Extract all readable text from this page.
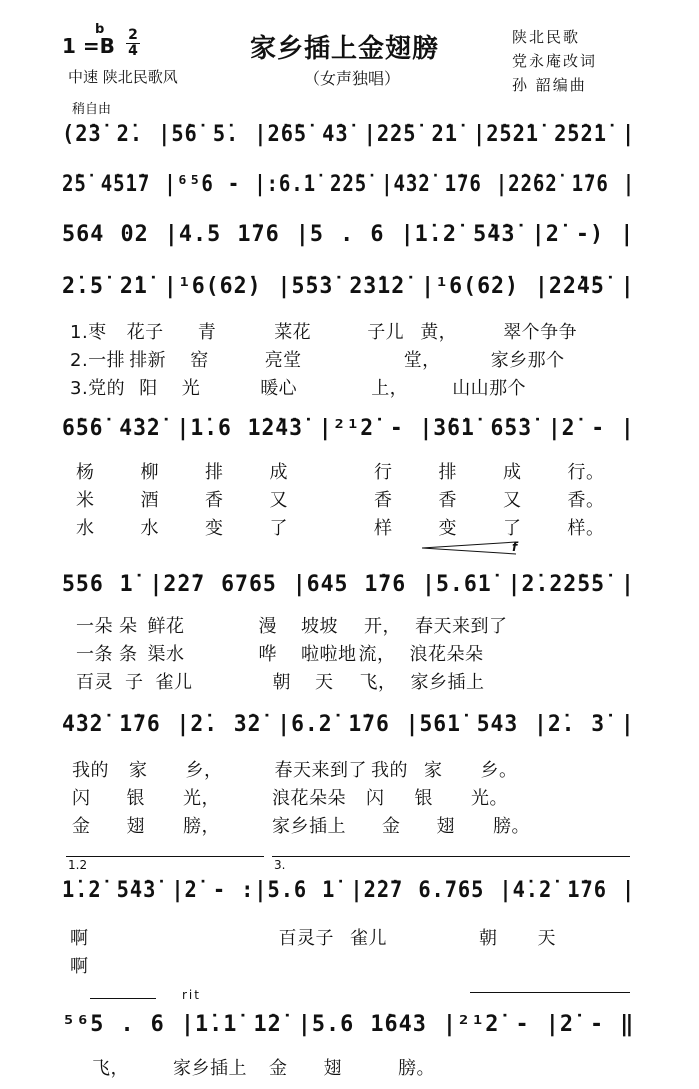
1 =B
b 2
4	家乡插上金翅膀
（女声独唱）
中速 陕北民歌风
陕北民歌
党永庵改词
孙 韶编曲
稍自由
(2̇3̇ 2̇. |5̇6̇ 5̇. |2̇6̇5̇ 4̇3̇ |2̇2̇5̇ 2̇1̇ |2̇5̇2̇1̇ 2̇5̇2̇1̇ |
2̇5̇ 4̇5̇1̇7 |⁶⁵6 - |:6.1̇ 2̇2̇5̇ |4̇3̇2̇ 1̇76 |2̇2̇6̇2̇ 1̇76 |
564 02 |4.5 1̇76 |5 . 6 |1̇.2̇ 5̇4̇3̇ |2̇ -) |
2̇.5̇ 2̇1̇ |¹6(6̇2̇) |5̇5̇3̇ 2̇3̇1̇2̇ |¹6(6̇2̇) |2̇2̇4̇5̇ |
1.枣 花子 青	菜花	子儿 黄，	翠个争争
2.一排 排新 窑	亮堂	堂，	家乡那个
3.党的 阳 光	暖心	上， 山山那个
6̇5̇6̇ 4̇3̇2̇ |1̇.6 1̇2̇4̇3̇ |²¹2̇ - |3̇6̇1̇ 6̇5̇3̇ |2̇ - |
杨	柳	排	成	行	排	成	行。
米	酒	香	又	香	香	又	香。
水	水	变	了	样	变	了	样。
f
556 1̇ |2̇2̇7 6765 |645 1̇76 |5.61̇ |2̇.2̇2̇5̇5̇ |
一朵 朵 鲜花	漫 坡坡 开， 春天来到了
一条 条 渠水	哗 啦啦地 流， 浪花朵朵
百灵 子 雀儿	朝 天 飞， 家乡插上
4̇3̇2̇ 1̇76 |2̇. 3̇2̇ |6.2̇ 1̇76 |561̇ 543 |2̇. 3̇ |
我的 家 乡，	春天来到了 我的 家 乡。
闪 银 光，	浪花朵朵 闪 银 光。
金 翅 膀，	家乡插上 金 翅 膀。
1.2	3.
1̇.2̇ 5̇4̇3̇ |2̇ - :|5.6 1̇ |2̇2̇7 6.765 |4̇.2̇ 1̇76 |
啊	百灵子 雀儿	朝 天
啊
rit
⁵⁶5 . 6 |1̇.1̇ 1̇2̇ |5.6 1̇643 |²¹2̇ - |2̇ - ‖
飞， 家乡插上 金 翅	膀。
